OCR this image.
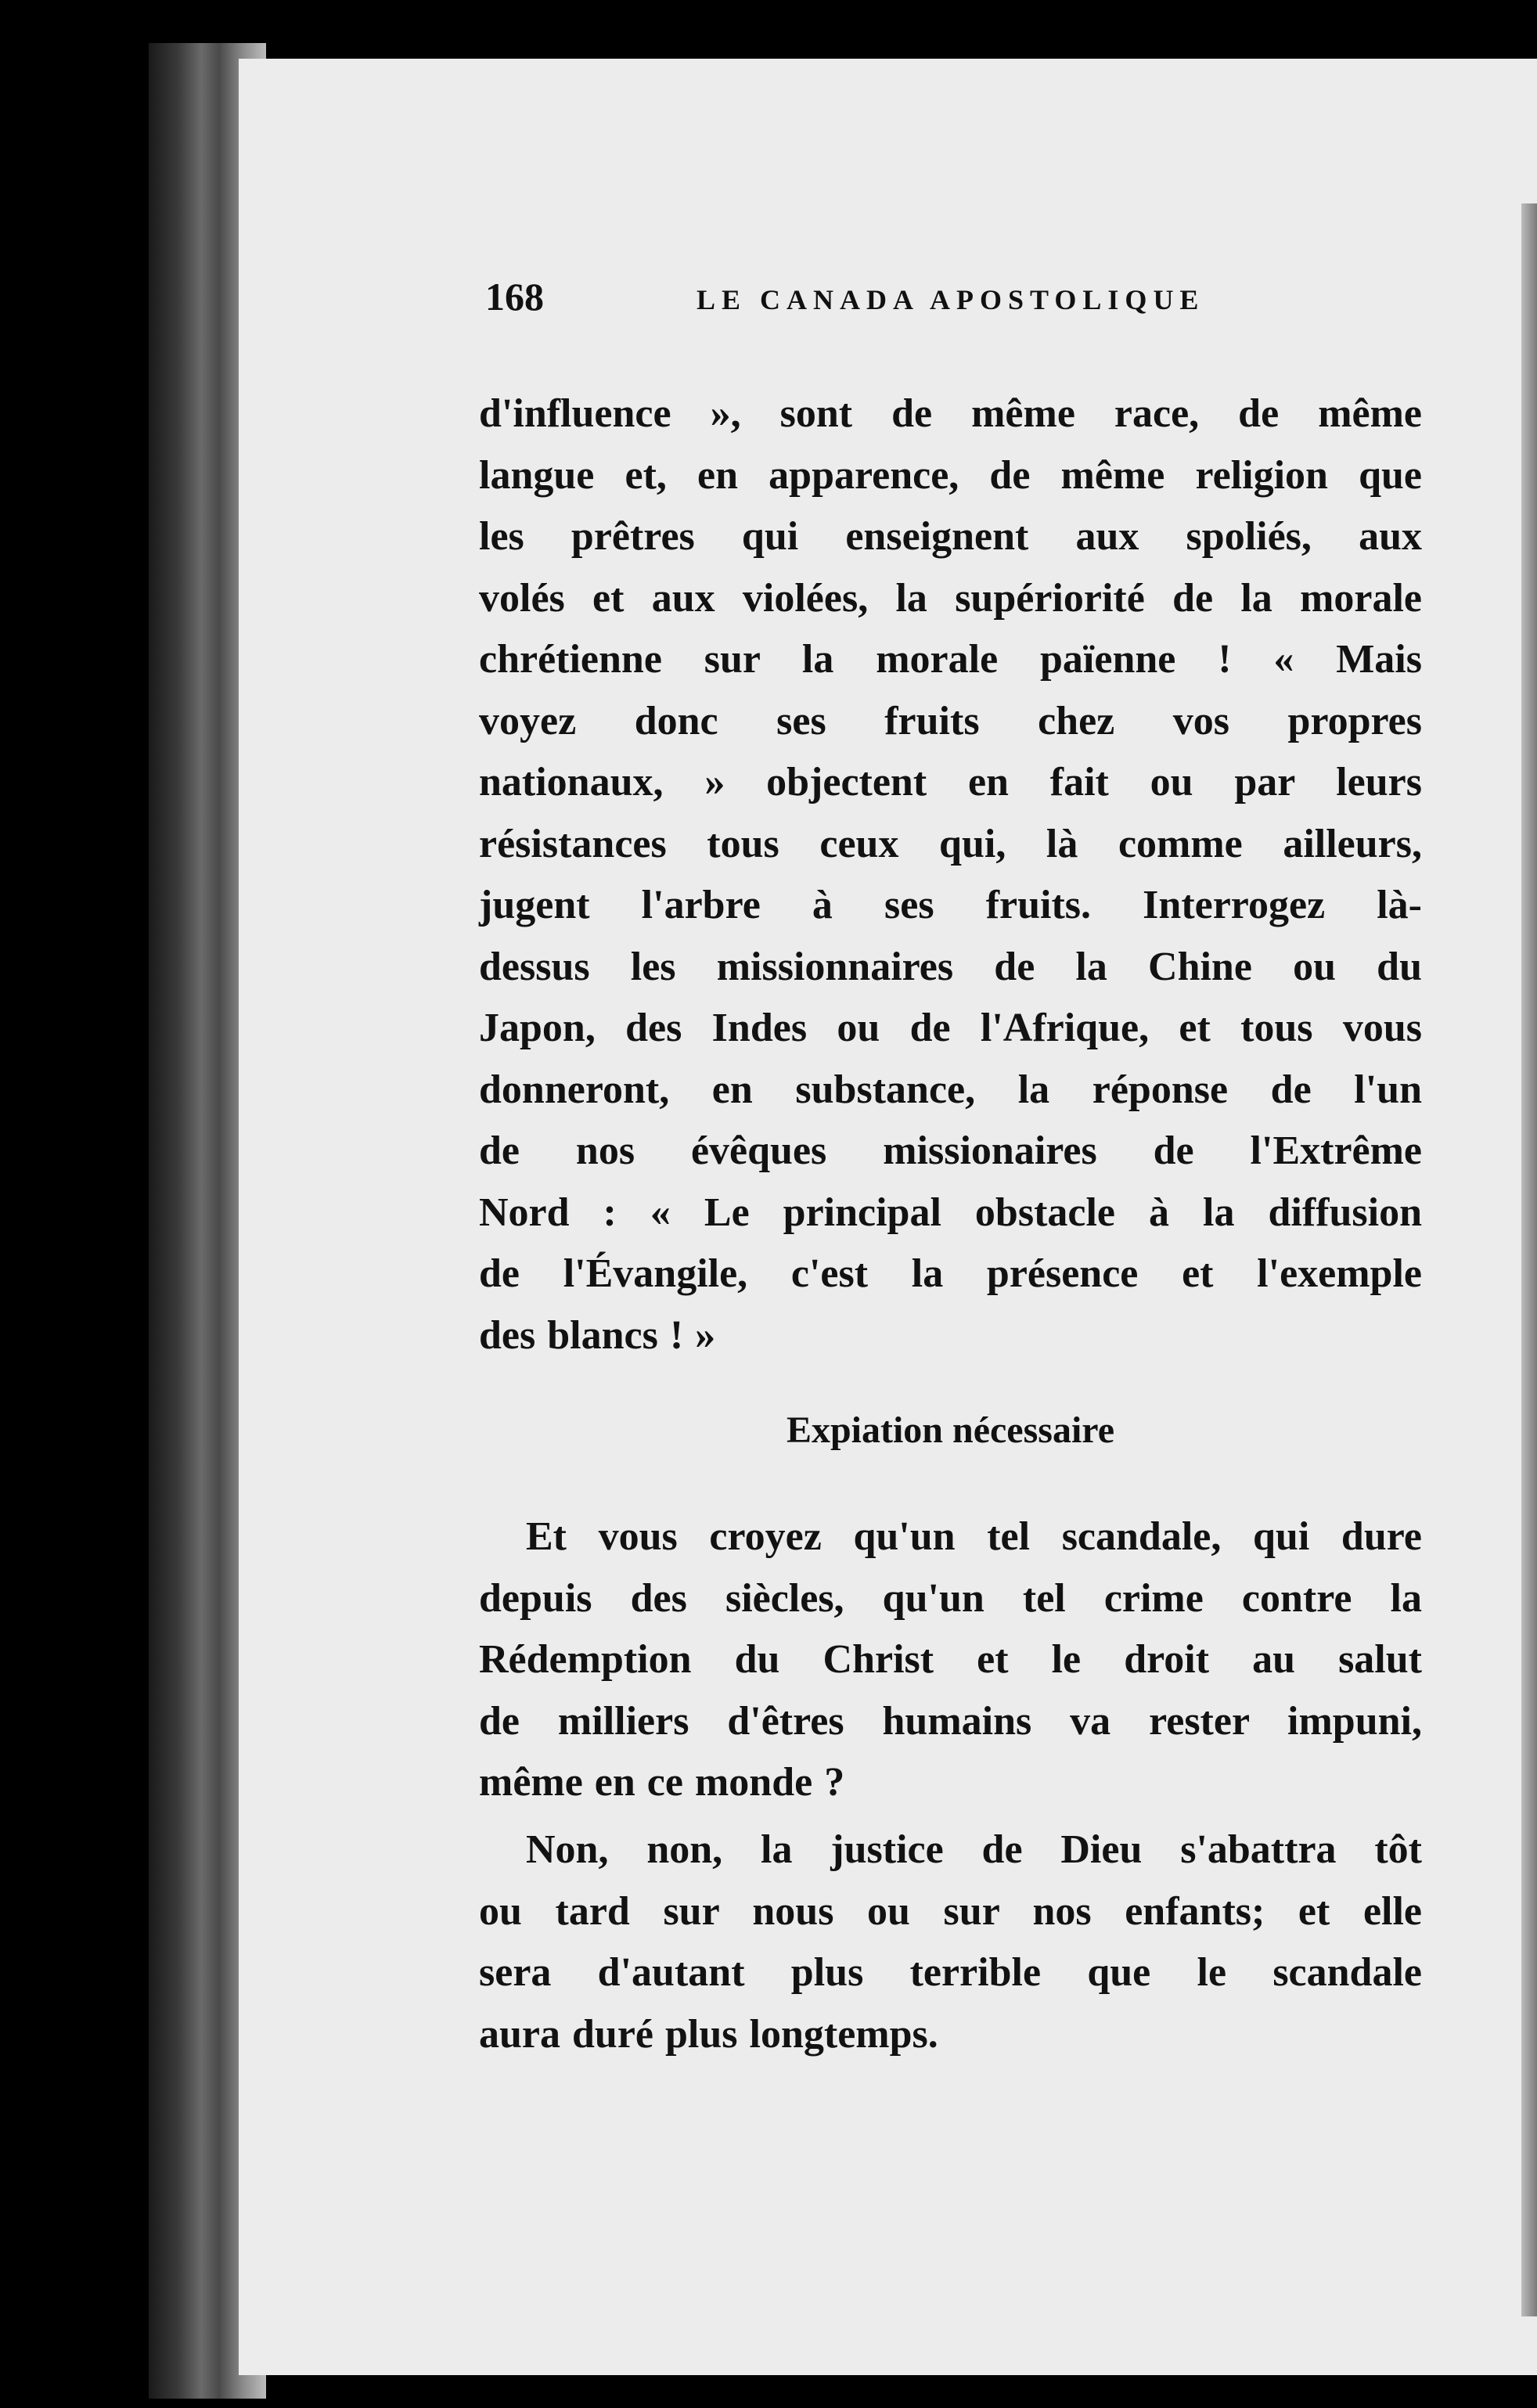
168	LE CANADA APOSTOLIQUE
d'influence », sont de même race, de même
langue et, en apparence, de même religion que
les prêtres qui enseignent aux spoliés, aux
volés et aux violées, la supériorité de la morale
chrétienne sur la morale païenne ! « Mais
voyez donc ses fruits chez vos propres
nationaux, » objectent en fait ou par leurs
résistances tous ceux qui, là comme ailleurs,
jugent l'arbre à ses fruits. Interrogez là-
dessus les missionnaires de la Chine ou du
Japon, des Indes ou de l'Afrique, et tous vous
donneront, en substance, la réponse de l'un
de nos évêques missionaires de l'Extrême
Nord : « Le principal obstacle à la diffusion
de l'Évangile, c'est la présence et l'exemple
des blancs ! »
Expiation nécessaire
Et vous croyez qu'un tel scandale, qui dure
depuis des siècles, qu'un tel crime contre la
Rédemption du Christ et le droit au salut
de milliers d'êtres humains va rester impuni,
même en ce monde ?
Non, non, la justice de Dieu s'abattra tôt
ou tard sur nous ou sur nos enfants; et elle
sera d'autant plus terrible que le scandale
aura duré plus longtemps.
